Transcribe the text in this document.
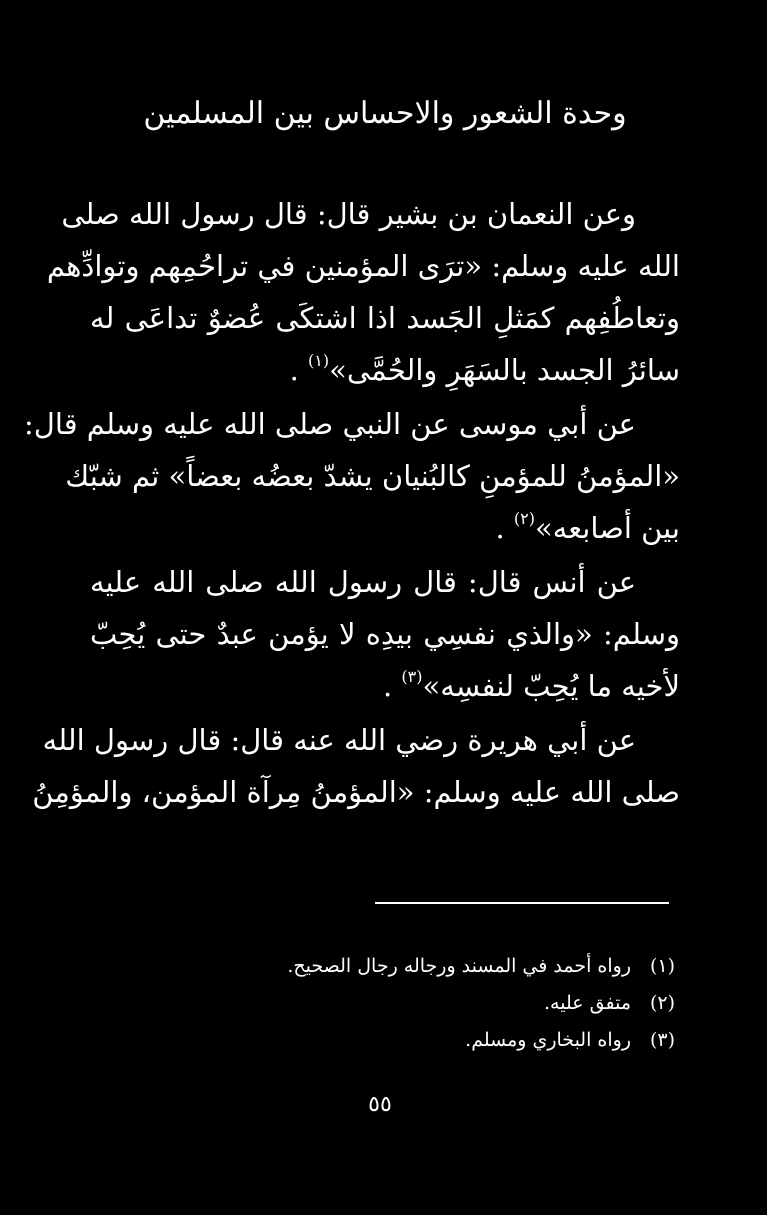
وحدة الشعور والاحساس بين المسلمين
وعن النعمان بن بشير قال: قال رسول الله صلى
الله عليه وسلم: «ترَى المؤمنين في تراحُمِهم وتوادِّهم
وتعاطُفِهم كمَثلِ الجَسد اذا اشتكَى عُضوٌ تداعَى له
سائرُ الجسد بالسَهَرِ والحُمَّى»$^{(١)}$ .
عن أبي موسى عن النبي صلى الله عليه وسلم قال:
«المؤمنُ للمؤمنِ كالبُنيان يشدّ بعضُه بعضاً» ثم شبّك
بين أصابعه»$^{(٢)}$ .
عن أنس قال: قال رسول الله صلى الله عليه
وسلم: «والذي نفسِي بيدِه لا يؤمن عبدٌ حتى يُحِبّ
لأخيه ما يُحِبّ لنفسِه»$^{(٣)}$ .
عن أبي هريرة رضي الله عنه قال: قال رسول الله
صلى الله عليه وسلم: «المؤمنُ مِرآة المؤمن، والمؤمِنُ
(١)رواه أحمد في المسند ورجاله رجال الصحيح.
(٢)متفق عليه.
(٣)رواه البخاري ومسلم.
٥٥
